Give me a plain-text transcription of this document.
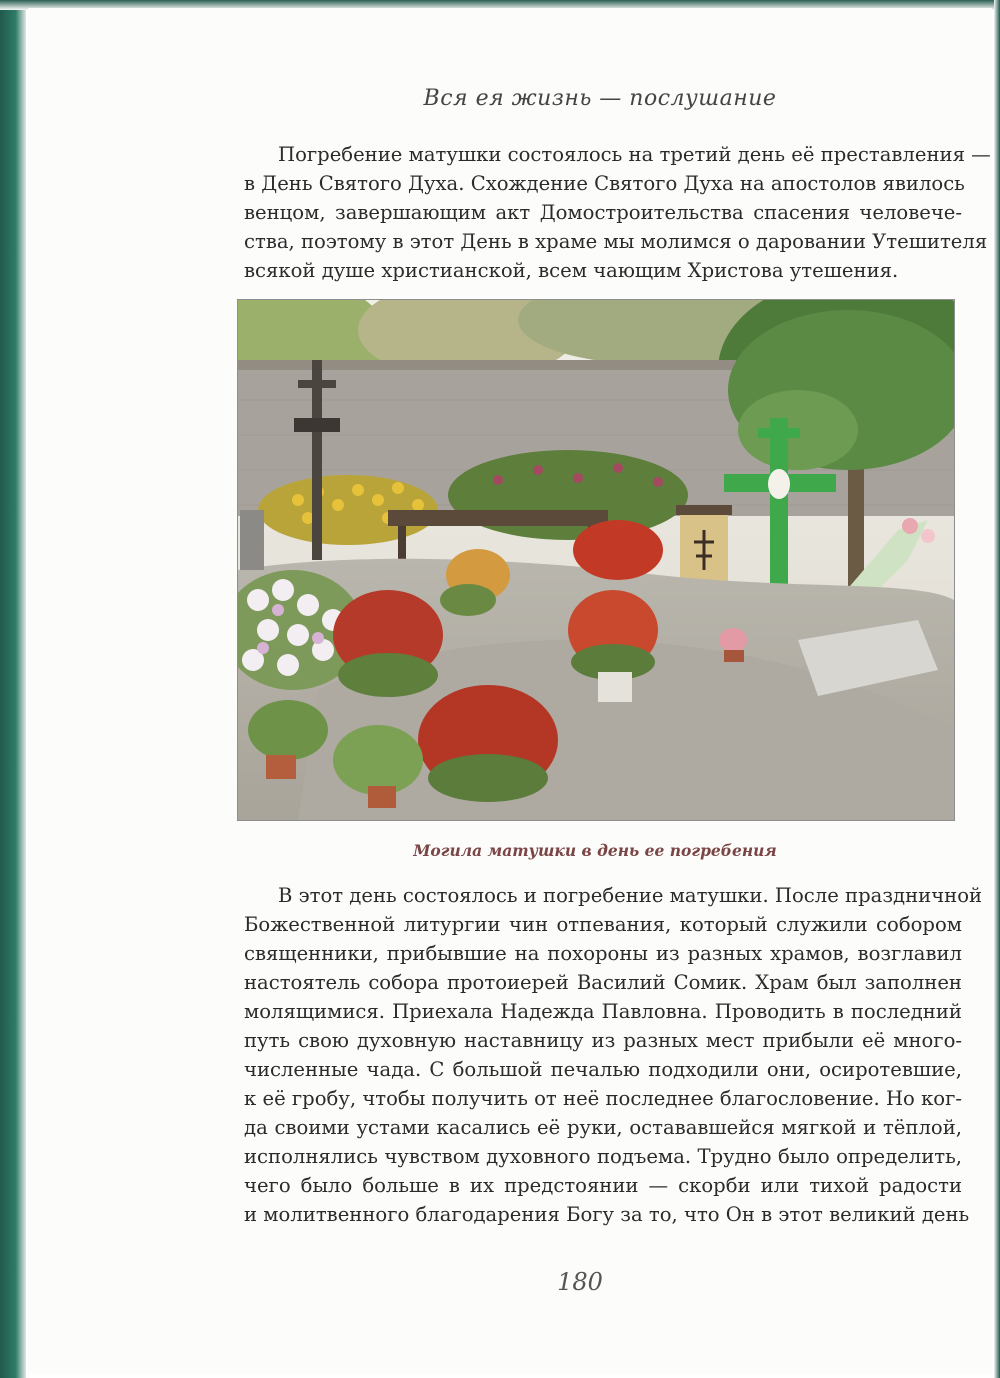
Вся ея жизнь — послушание
Погребение матушки состоялось на третий день её преставления —
в День Святого Духа. Схождение Святого Духа на апостолов явилось
венцом, завершающим акт Домостроительства спасения человече-
ства, поэтому в этот День в храме мы молимся о даровании Утешителя
всякой душе христианской, всем чающим Христова утешения.
Могила матушки в день ее погребения
В этот день состоялось и погребение матушки. После праздничной
Божественной литургии чин отпевания, который служили собором
священники, прибывшие на похороны из разных храмов, возглавил
настоятель собора протоиерей Василий Сомик. Храм был заполнен
молящимися. Приехала Надежда Павловна. Проводить в последний
путь свою духовную наставницу из разных мест прибыли её много-
численные чада. С большой печалью подходили они, осиротевшие,
к её гробу, чтобы получить от неё последнее благословение. Но ког-
да своими устами касались её руки, остававшейся мягкой и тёплой,
исполнялись чувством духовного подъема. Трудно было определить,
чего было больше в их предстоянии — скорби или тихой радости
и молитвенного благодарения Богу за то, что Он в этот великий день
180
